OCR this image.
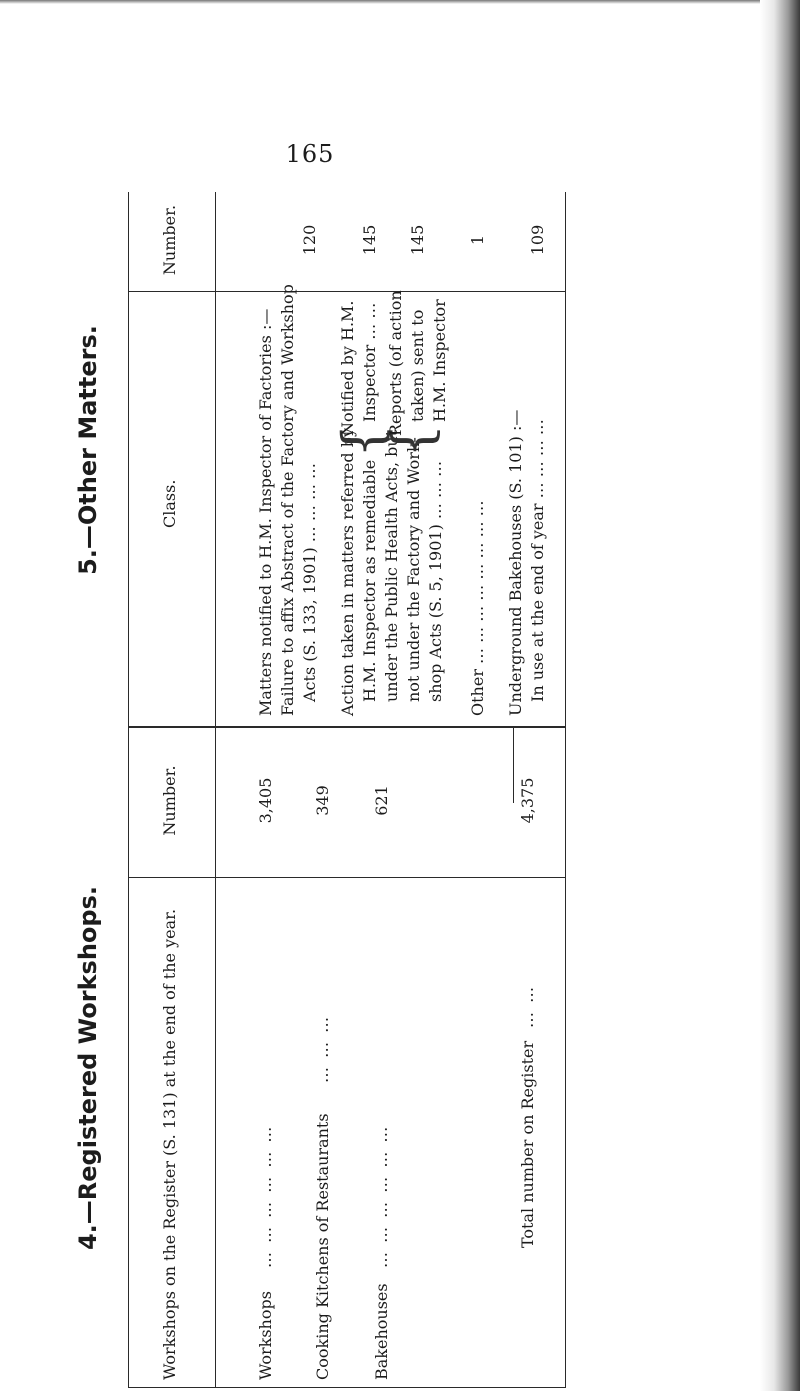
165
4.—Registered Workshops.
5.—Other Matters.
Workshops on the Register (S. 131) at the end of the year.
Number.
Workshops
… … … … … …
3,405
Cooking Kitchens of Restaurants
… … …
349
Bakehouses
… … … … … …
621
Total number on Register
… …
4,375
Class.
Number.
Matters notified to H.M. Inspector of Factories :— Failure to affix Abstract of the Factory and Workshop Acts (S. 133, 1901) … … … …
120
Action taken in matters referred by H.M. Inspector as remediable under the Public Health Acts, but not under the Factory and Work- shop Acts (S. 5, 1901) … … …
{
{
Notified by H.M. Inspector … …
145
Reports (of action taken) sent to H.M. Inspector
145
Other … … … … … … … …
1
Underground Bakehouses (S. 101) :— In use at the end of year … … … …
109
